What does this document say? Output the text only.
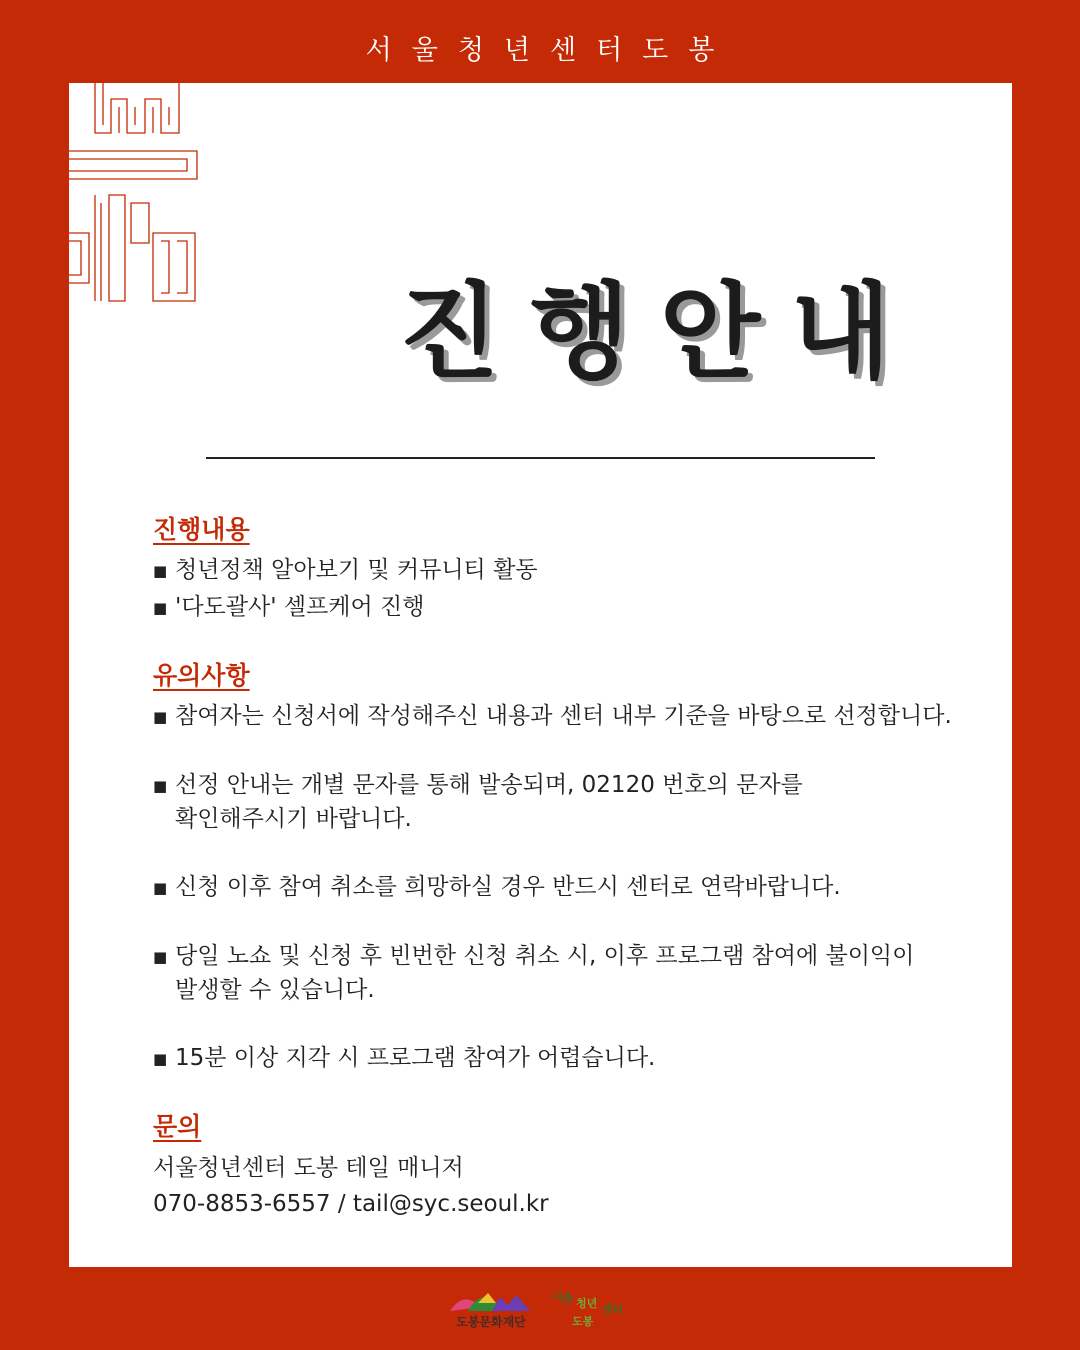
서울청년센터도봉
진행안내
진행내용
■ 청년정책 알아보기 및 커뮤니티 활동
■ '다도괄사' 셀프케어 진행
유의사항
■ 참여자는 신청서에 작성해주신 내용과 센터 내부 기준을 바탕으로 선정합니다.
■ 선정 안내는 개별 문자를 통해 발송되며, 02120 번호의 문자를
확인해주시기 바랍니다.
■ 신청 이후 참여 취소를 희망하실 경우 반드시 센터로 연락바랍니다.
■ 당일 노쇼 및 신청 후 빈번한 신청 취소 시, 이후 프로그램 참여에 불이익이
발생할 수 있습니다.
■ 15분 이상 지각 시 프로그램 참여가 어렵습니다.
문의
서울청년센터 도봉 테일 매니저
070-8853-6557 / tail@syc.seoul.kr
도봉문화재단
서울 청년
도봉
센터
